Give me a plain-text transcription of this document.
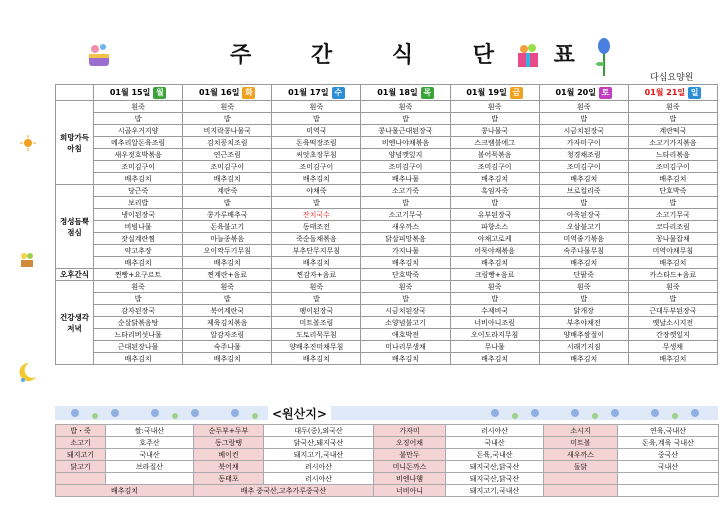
주 간 식 단 표
다심요양원
	01월 15일 월	01월 16일 화	01월 17일 수	01월 18일 목	01월 19일 금	01월 20일 토	01월 21일 일
희망가득
아침	흰죽	흰죽	흰죽	흰죽	흰죽	흰죽	흰죽
	밥	밥	밥	밥	밥	밥	밥
	시골우거지양	비지락콩나물국	미역국	콩나물근대된장국	콩나물국	시금치된장국	계란떡국
	메추리알돈육조림	김치꽁치조림	돈육떡장조림	비엔나야채볶음	스크램블에그	가자미구이	소고기가지볶음
	새우젓호박볶음	연근조림	씨앗초장무침	양념깻잎지	볼어묵볶음	청경채조림	느타리볶음
	조미김구이	조미김구이	조미김구이	조미김구이	조미김구이	조미김구이	조미김구이
	배추김치	배추김치	배추김치	배추나물	배추김치	배추김치	배추김치
정성듬뿍
점심	당근죽	계란죽	야채죽	소고기죽	흑임자죽	브로컬리죽	단호박죽
	보리밥	밥	밥	밥	밥	밥	밥
	냉이된장국	콩가루배추국	잔치국수	소고기무국	유부된장국	아욱된장국	소고기무국
	비빔나물	돈육불고기	동태조전	새우까스	파향소스	오삼불고기	코다리조림
	잣실계란찜	마늘종볶음	죽순돌채볶음	닭살피망볶음	야채고로케	미역줄기볶음	꽁나물잡채
	약고추장	오이깍두기무침	부추단무지무침	가지나물	어묵야채볶음	숙주나물무침	미역야채무침
	배추김치	배추김치	배추김치	배추김치	배추김치	배추김치	배추김치
오후간식	찐빵+요구르트	찐계란+음료	찐감자+음료	단호박죽	크림빵+음료	단팥죽	카스타드+음료
건강생각
저녁	흰죽	흰죽	흰죽	흰죽	흰죽	흰죽	흰죽
	밥	밥	밥	밥	밥	밥	밥
	감자된장국	북어계란국	팽이된장국	시금치된장국	수제비국	닭개장	근대두부된장국
	순살닭볶음탕	제육김치볶음	미트볼조림	소양념불고기	너비아니조림	부추야채전	옛날소시지전
	느타리버섯나물	알감자조림	도토리묵무침	애호박전	오이도라지무침	양배추쌈절이	간장깻잎지
	근대된장나물	숙주나물	양배추진미채무침	미나리무생채	무나물	시래기지짐	무생채
	배추김치	배추김치	배추김치	배추김치	배추김치	배추김치	배추김치
<원산지>
밥・죽	쌀:국내산	순두부+두부	대두(중),외국산	가자미	러시아산	소시지	연육,국내산
소고기	호주산	동그랑땡	닭국산,돼지국산	오징어채	국내산	미트볼	돈육,계육 국내산
돼지고기	국내산	베이컨	돼지고기,국내산	불만두	돈육,국내산	새우까스	중국산
닭고기	브라질산	북어채	러시아산	미니돈까스	돼지국산,닭국산	돌닭	국내산
		동태포	러시아산	비엔나햄	돼지국산,닭국산		
배추김치		배추 중국산,고추가루중국산		너비아니	돼지고기,국내산		
